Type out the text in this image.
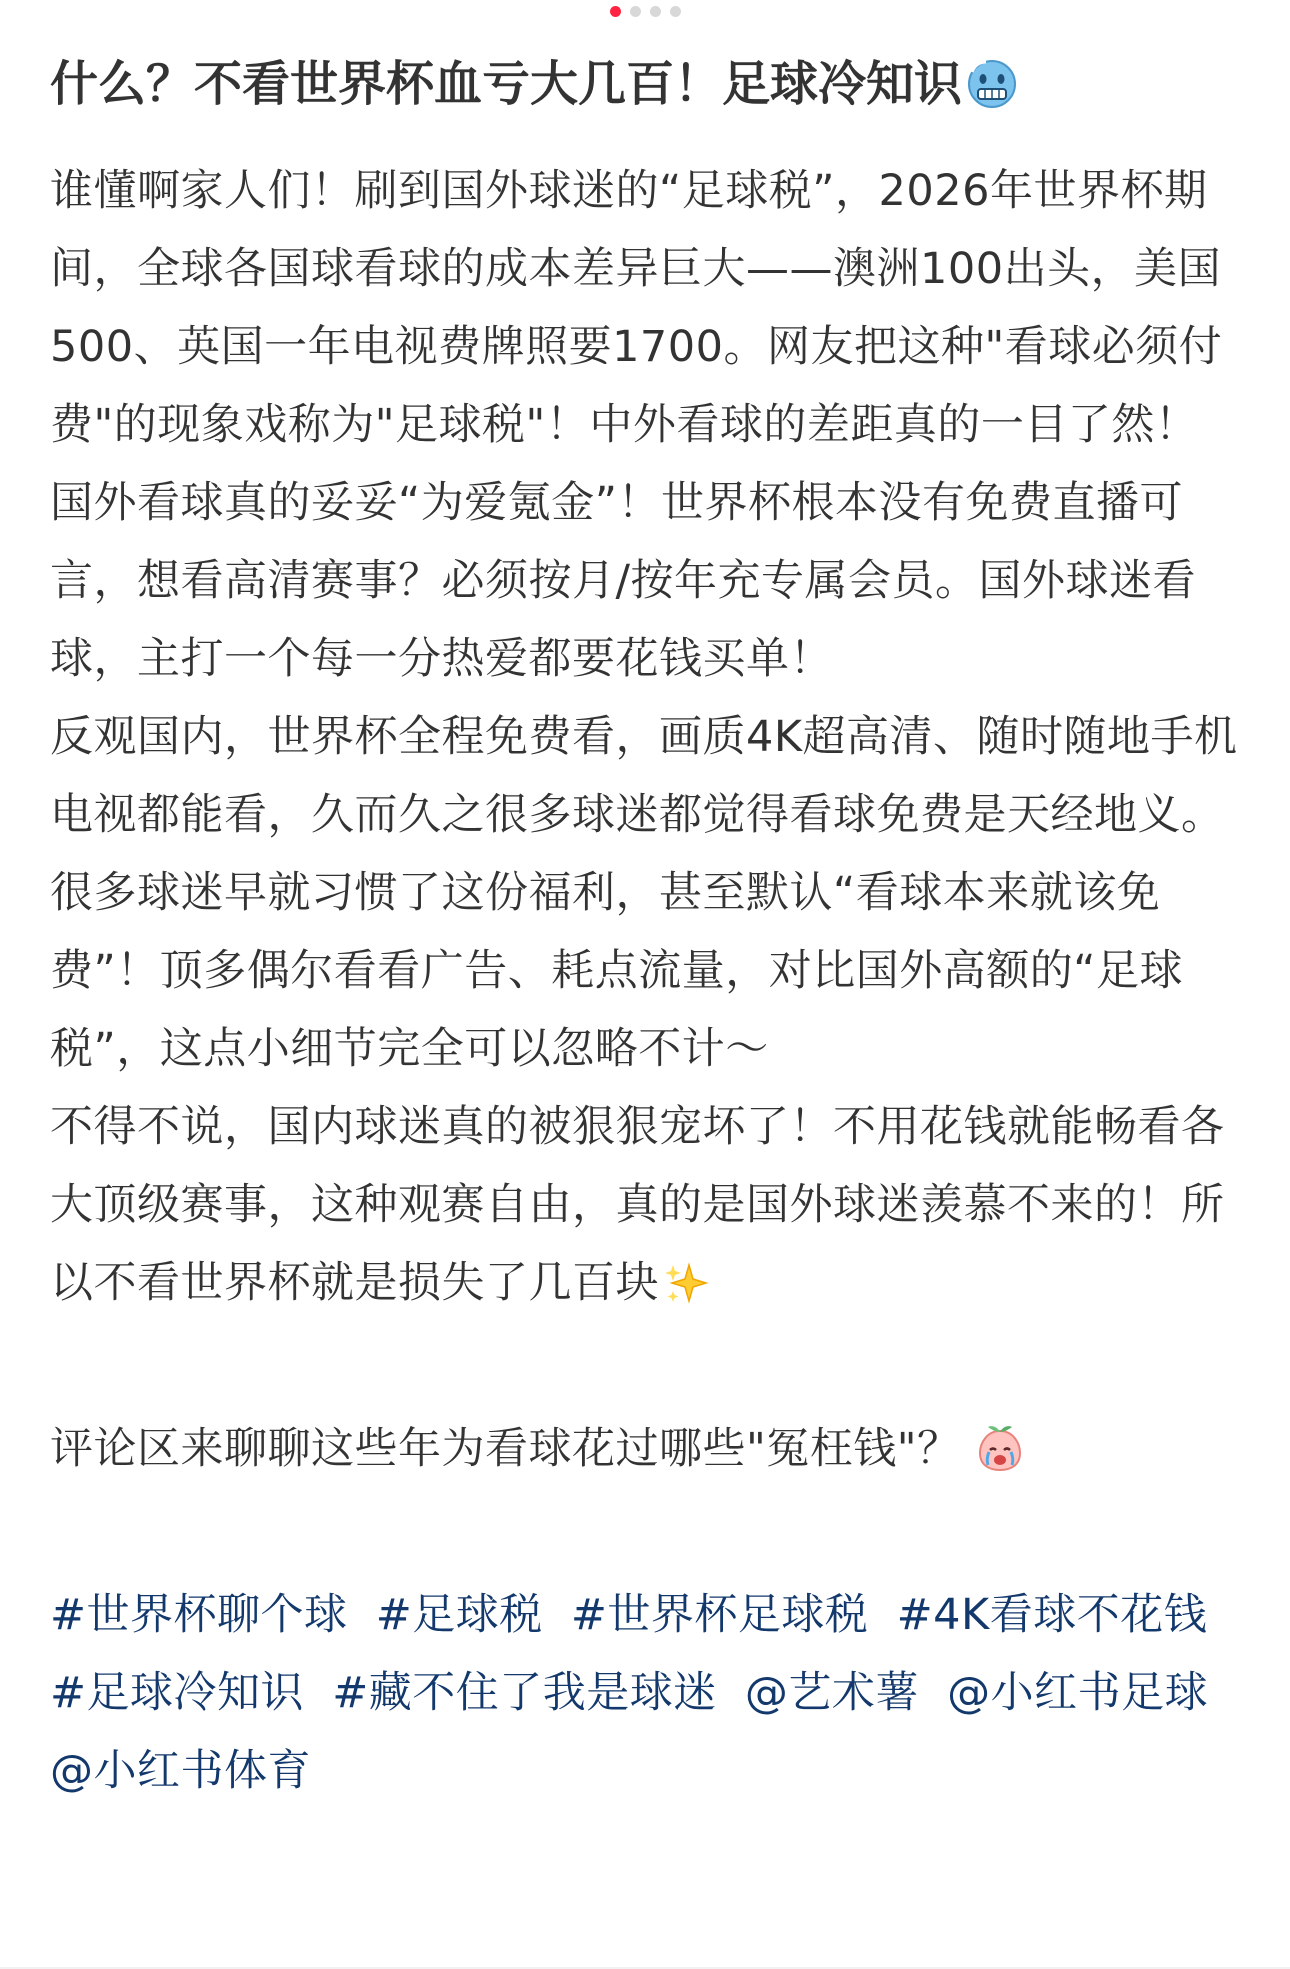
什么？不看世界杯血亏大几百！足球冷知识

谁懂啊家人们！刷到国外球迷的“足球税”，2026年世界杯期间，全球各国球看球的成本差异巨大——澳洲100出头，美国500、英国一年电视费牌照要1700。网友把这种"看球必须付费"的现象戏称为"足球税"！中外看球的差距真的一目了然！

国外看球真的妥妥“为爱氪金”！世界杯根本没有免费直播可言，想看高清赛事？必须按月/按年充专属会员。国外球迷看球，主打一个每一分热爱都要花钱买单！

反观国内，世界杯全程免费看，画质4K超高清、随时随地手机电视都能看，久而久之很多球迷都觉得看球免费是天经地义。

很多球迷早就习惯了这份福利，甚至默认“看球本来就该免费”！顶多偶尔看看广告、耗点流量，对比国外高额的“足球税”，这点小细节完全可以忽略不计～

不得不说，国内球迷真的被狠狠宠坏了！不用花钱就能畅看各大顶级赛事，这种观赛自由，真的是国外球迷羡慕不来的！所以不看世界杯就是损失了几百块

评论区来聊聊这些年为看球花过哪些"冤枉钱"？

#世界杯聊个球 #足球税 #世界杯足球税 #4K看球不花钱 #足球冷知识 #藏不住了我是球迷 @艺术薯 @小红书足球 @小红书体育
